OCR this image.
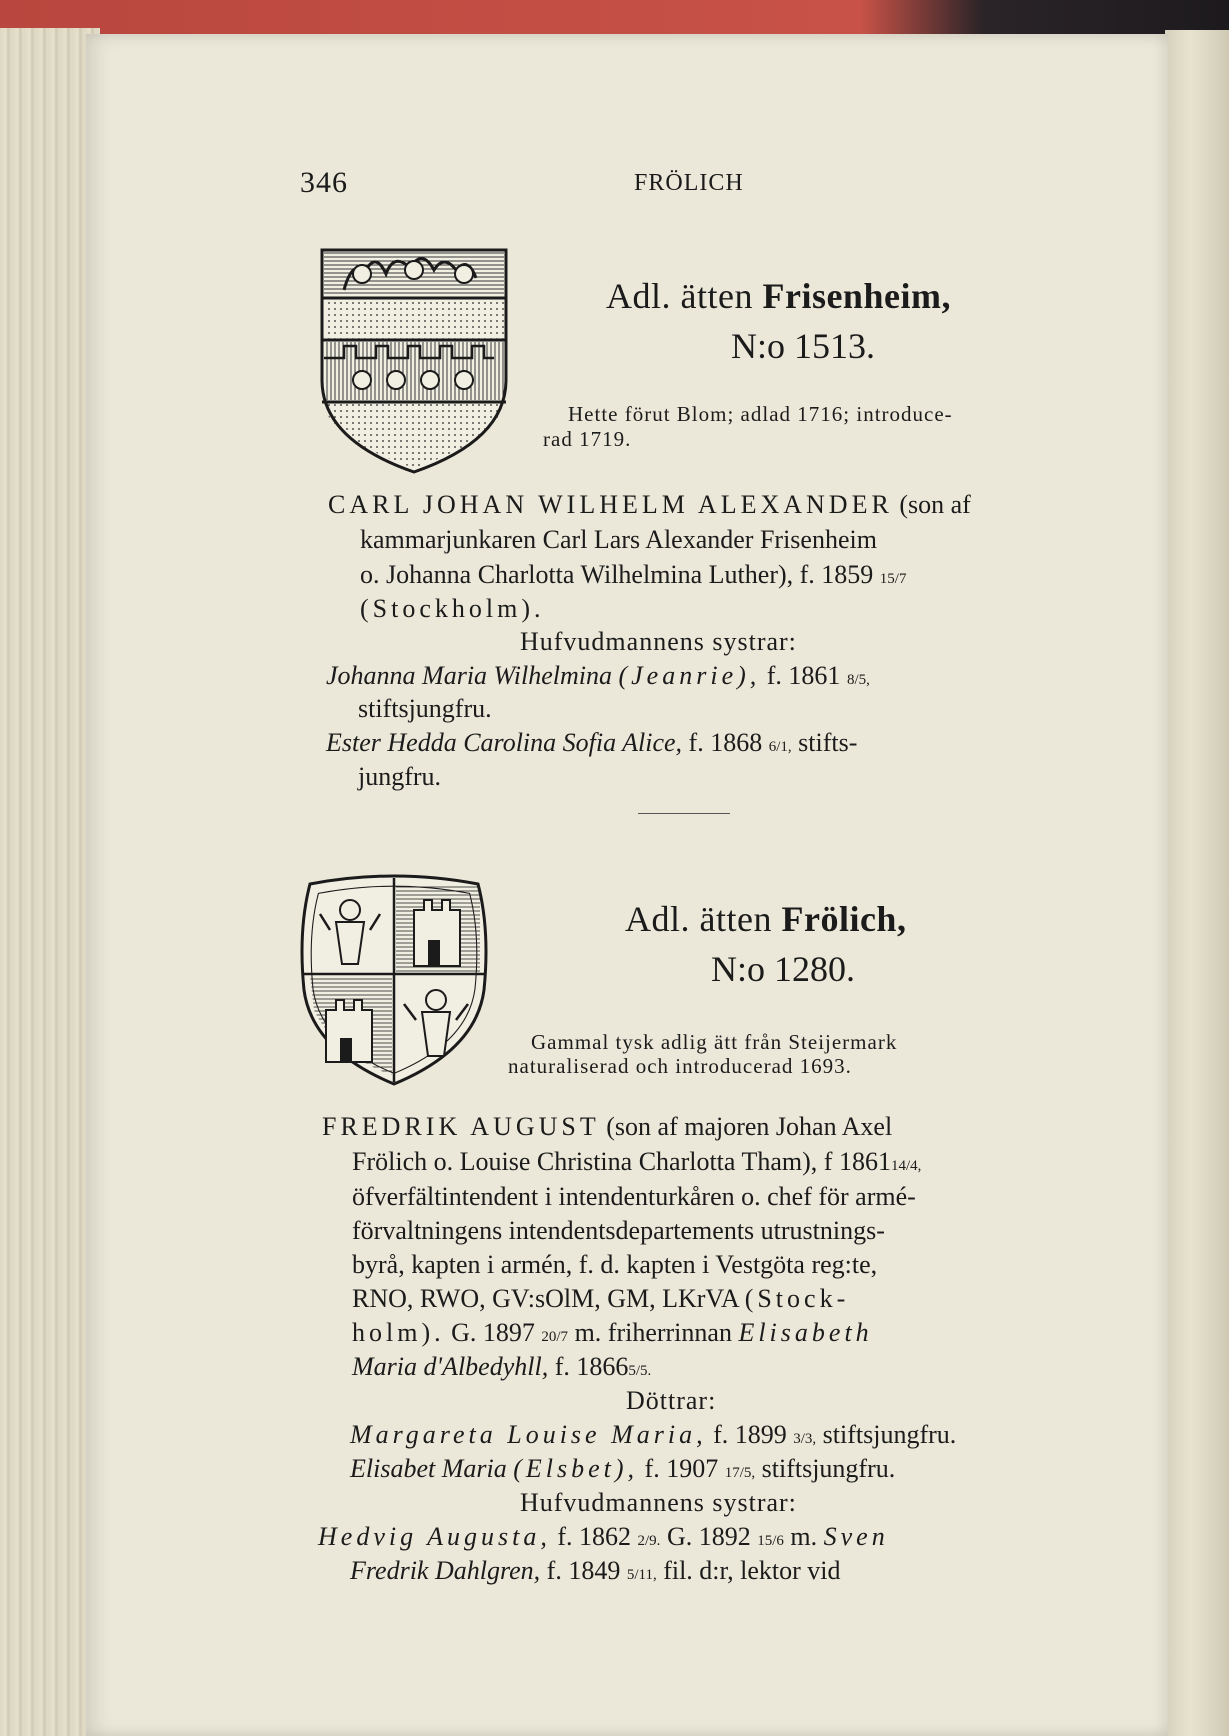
346	FRÖLICH
Adl. ätten Frisenheim,
N:o 1513.
Hette förut Blom; adlad 1716; introduce-
rad 1719.
CARL JOHAN WILHELM ALEXANDER (son af
kammarjunkaren Carl Lars Alexander Frisenheim
o. Johanna Charlotta Wilhelmina Luther), f. 1859 15/7
(Stockholm).
Hufvudmannens systrar:
Johanna Maria Wilhelmina (Jeanrie), f. 1861 8/5,
stiftsjungfru.
Ester Hedda Carolina Sofia Alice, f. 1868 6/1, stifts-
jungfru.
Adl. ätten Frölich,
N:o 1280.
Gammal tysk adlig ätt från Steijermark
naturaliserad och introducerad 1693.
FREDRIK AUGUST (son af majoren Johan Axel
Frölich o. Louise Christina Charlotta Tham), f 186114/4,
öfverfältintendent i intendenturkåren o. chef för armé-
förvaltningens intendentsdepartements utrustnings-
byrå, kapten i armén, f. d. kapten i Vestgöta reg:te,
RNO, RWO, GV:sOlM, GM, LKrVA (Stock-
holm). G. 1897 20/7 m. friherrinnan Elisabeth
Maria d'Albedyhll, f. 18665/5.
Döttrar:
Margareta Louise Maria, f. 1899 3/3, stiftsjungfru.
Elisabet Maria (Elsbet), f. 1907 17/5, stiftsjungfru.
Hufvudmannens systrar:
Hedvig Augusta, f. 1862 2/9. G. 1892 15/6 m. Sven
Fredrik Dahlgren, f. 1849 5/11, fil. d:r, lektor vid
